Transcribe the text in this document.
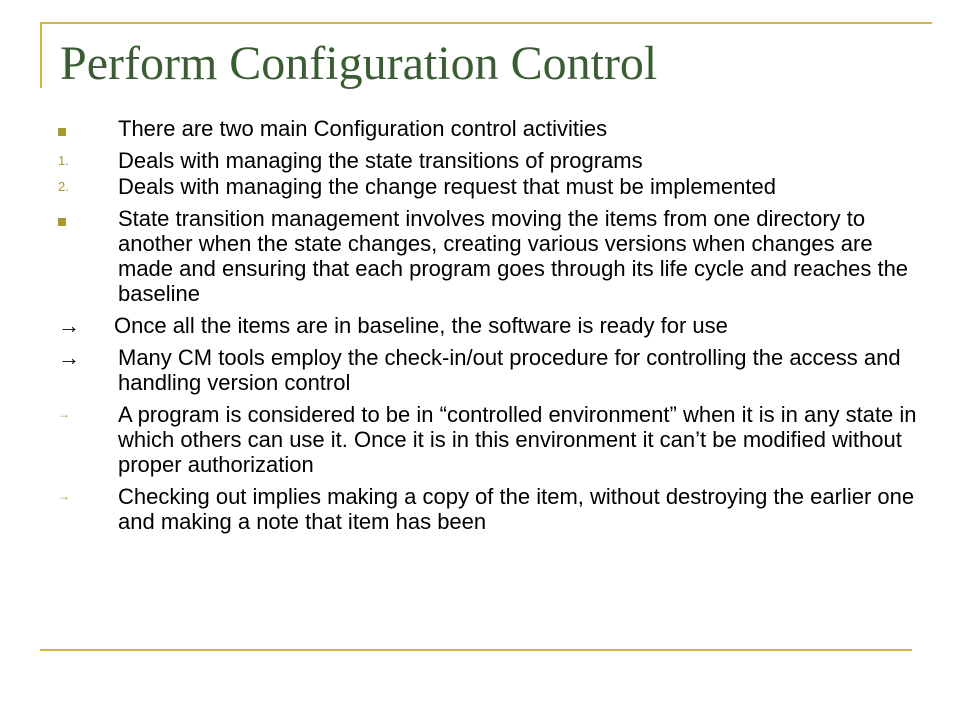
Perform Configuration Control
There are two main Configuration control activities
1.	Deals with managing the state transitions of programs
2.	Deals with managing the change request that must be implemented
State transition management involves moving the items from one directory to another when the state changes, creating various versions when changes are made and ensuring that each program goes through its life cycle and reaches the baseline
→	Once all the items are in baseline, the software is ready for use
→	Many CM tools employ the check-in/out procedure for controlling the access and handling version control
→	A program is considered to be in “controlled environment” when it is in any state in which others can use it. Once it is in this environment it can’t be modified without proper authorization
→	Checking out implies making a copy of the item, without destroying the earlier one and making a note that item has been
